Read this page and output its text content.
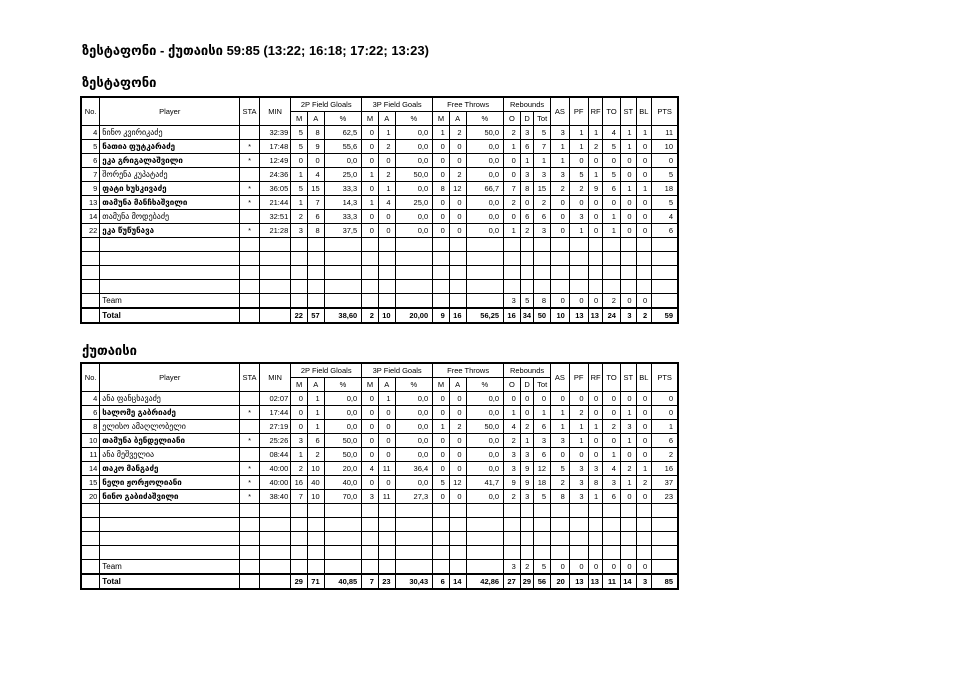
ზესტაფონი - ქუთაისი 59:85 (13:22; 16:18; 17:22; 13:23)
ზესტაფონი
No.	Player	STA	MIN	2P Field Gloals			3P Field Goals			Free Throws			Rebounds			AS	PF	RF	TO	ST	BL	PTS
				M	A	%	M	A	%	M	A	%	O	D	Tot							
4	ნინო კვირიკაძე		32:39	5	8	62,5	0	1	0,0	1	2	50,0	2	3	5	3	1	1	4	1	1	11
5	ნათია ფუტკარაძე	*	17:48	5	9	55,6	0	2	0,0	0	0	0,0	1	6	7	1	1	2	5	1	0	10
6	ეკა გრიგალაშვილი	*	12:49	0	0	0,0	0	0	0,0	0	0	0,0	0	1	1	1	0	0	0	0	0	0
7	შორენა კუპატაძე		24:36	1	4	25,0	1	2	50,0	0	2	0,0	0	3	3	3	5	1	5	0	0	5
9	ფატი ხუსკივაძე	*	36:05	5	15	33,3	0	1	0,0	8	12	66,7	7	8	15	2	2	9	6	1	1	18
13	თამუნა მანჩხაშვილი	*	21:44	1	7	14,3	1	4	25,0	0	0	0,0	2	0	2	0	0	0	0	0	0	5
14	თამუნა მოდებაძე		32:51	2	6	33,3	0	0	0,0	0	0	0,0	0	6	6	0	3	0	1	0	0	4
22	ეკა წუწუნავა	*	21:28	3	8	37,5	0	0	0,0	0	0	0,0	1	2	3	0	1	0	1	0	0	6

	Team												3	5	8	0	0	0	2	0	0	
	Total			22	57	38,60	2	10	20,00	9	16	56,25	16	34	50	10	13	13	24	3	2	59
ქუთაისი
No.	Player	STA	MIN	2P Field Gloals			3P Field Goals			Free Throws			Rebounds			AS	PF	RF	TO	ST	BL	PTS
				M	A	%	M	A	%	M	A	%	O	D	Tot							
4	ანა ფანცხავაძე		02:07	0	1	0,0	0	1	0,0	0	0	0,0	0	0	0	0	0	0	0	0	0	0
6	სალომე გაბრიაძე	*	17:44	0	1	0,0	0	0	0,0	0	0	0,0	1	0	1	1	2	0	0	1	0	0
8	ელისო ამაღლობელი		27:19	0	1	0,0	0	0	0,0	1	2	50,0	4	2	6	1	1	1	2	3	0	1
10	თამუნა ბენდელიანი	*	25:26	3	6	50,0	0	0	0,0	0	0	0,0	2	1	3	3	1	0	0	1	0	6
11	ანა მეშველია		08:44	1	2	50,0	0	0	0,0	0	0	0,0	3	3	6	0	0	0	1	0	0	2
14	თაკო მანგაძე	*	40:00	2	10	20,0	4	11	36,4	0	0	0,0	3	9	12	5	3	3	4	2	1	16
15	ნელი ჟორჟოლიანი	*	40:00	16	40	40,0	0	0	0,0	5	12	41,7	9	9	18	2	3	8	3	1	2	37
20	ნინო გაბიძაშვილი	*	38:40	7	10	70,0	3	11	27,3	0	0	0,0	2	3	5	8	3	1	6	0	0	23

	Team												3	2	5	0	0	0	0	0	0	
	Total			29	71	40,85	7	23	30,43	6	14	42,86	27	29	56	20	13	13	11	14	3	85
